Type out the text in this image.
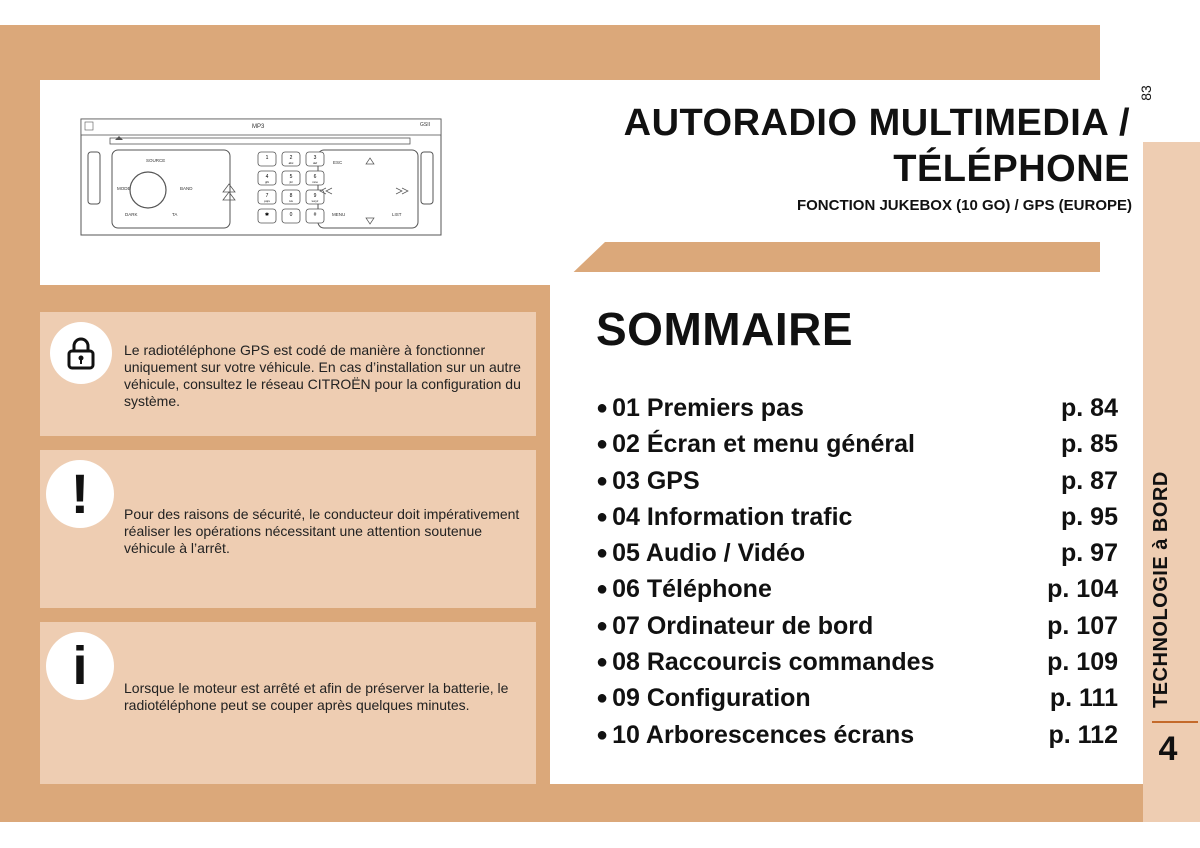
AUTORADIO MULTIMEDIA /
TÉLÉPHONE
FONCTION JUKEBOX (10 GO) / GPS (EUROPE)
83
1	2
abc
3
def
4
ghi
5
jkl
6
mno
7
pqrs
8
tuv
9
wxyz
✱	0	#
MP3	GSII
SOURCE
MODE	BAND
DARK	TA
ESC
MENU	LIST
Le radiotéléphone GPS est codé de manière à fonctionner uniquement sur votre véhicule. En cas d’installation sur un autre véhicule, consultez le réseau CITROËN pour la configuration du système.
! Pour des raisons de sécurité, le conducteur doit impérativement réaliser les opérations nécessitant une attention soutenue véhicule à l’arrêt.
i	Lorsque le moteur est arrêté et afin de préserver la batterie, le radiotéléphone peut se couper après quelques minutes.
SOMMAIRE
● 01 Premiers pas	p. 84
● 02 Écran et menu général	p. 85
● 03 GPS	p. 87
● 04 Information trafic	p. 95
● 05 Audio / Vidéo	p. 97
● 06 Téléphone	p. 104
● 07 Ordinateur de bord	p. 107
● 08 Raccourcis commandes	p. 109
● 09 Configuration	p. 111
● 10 Arborescences écrans	p. 112
TECHNOLOGIE à BORD
4
